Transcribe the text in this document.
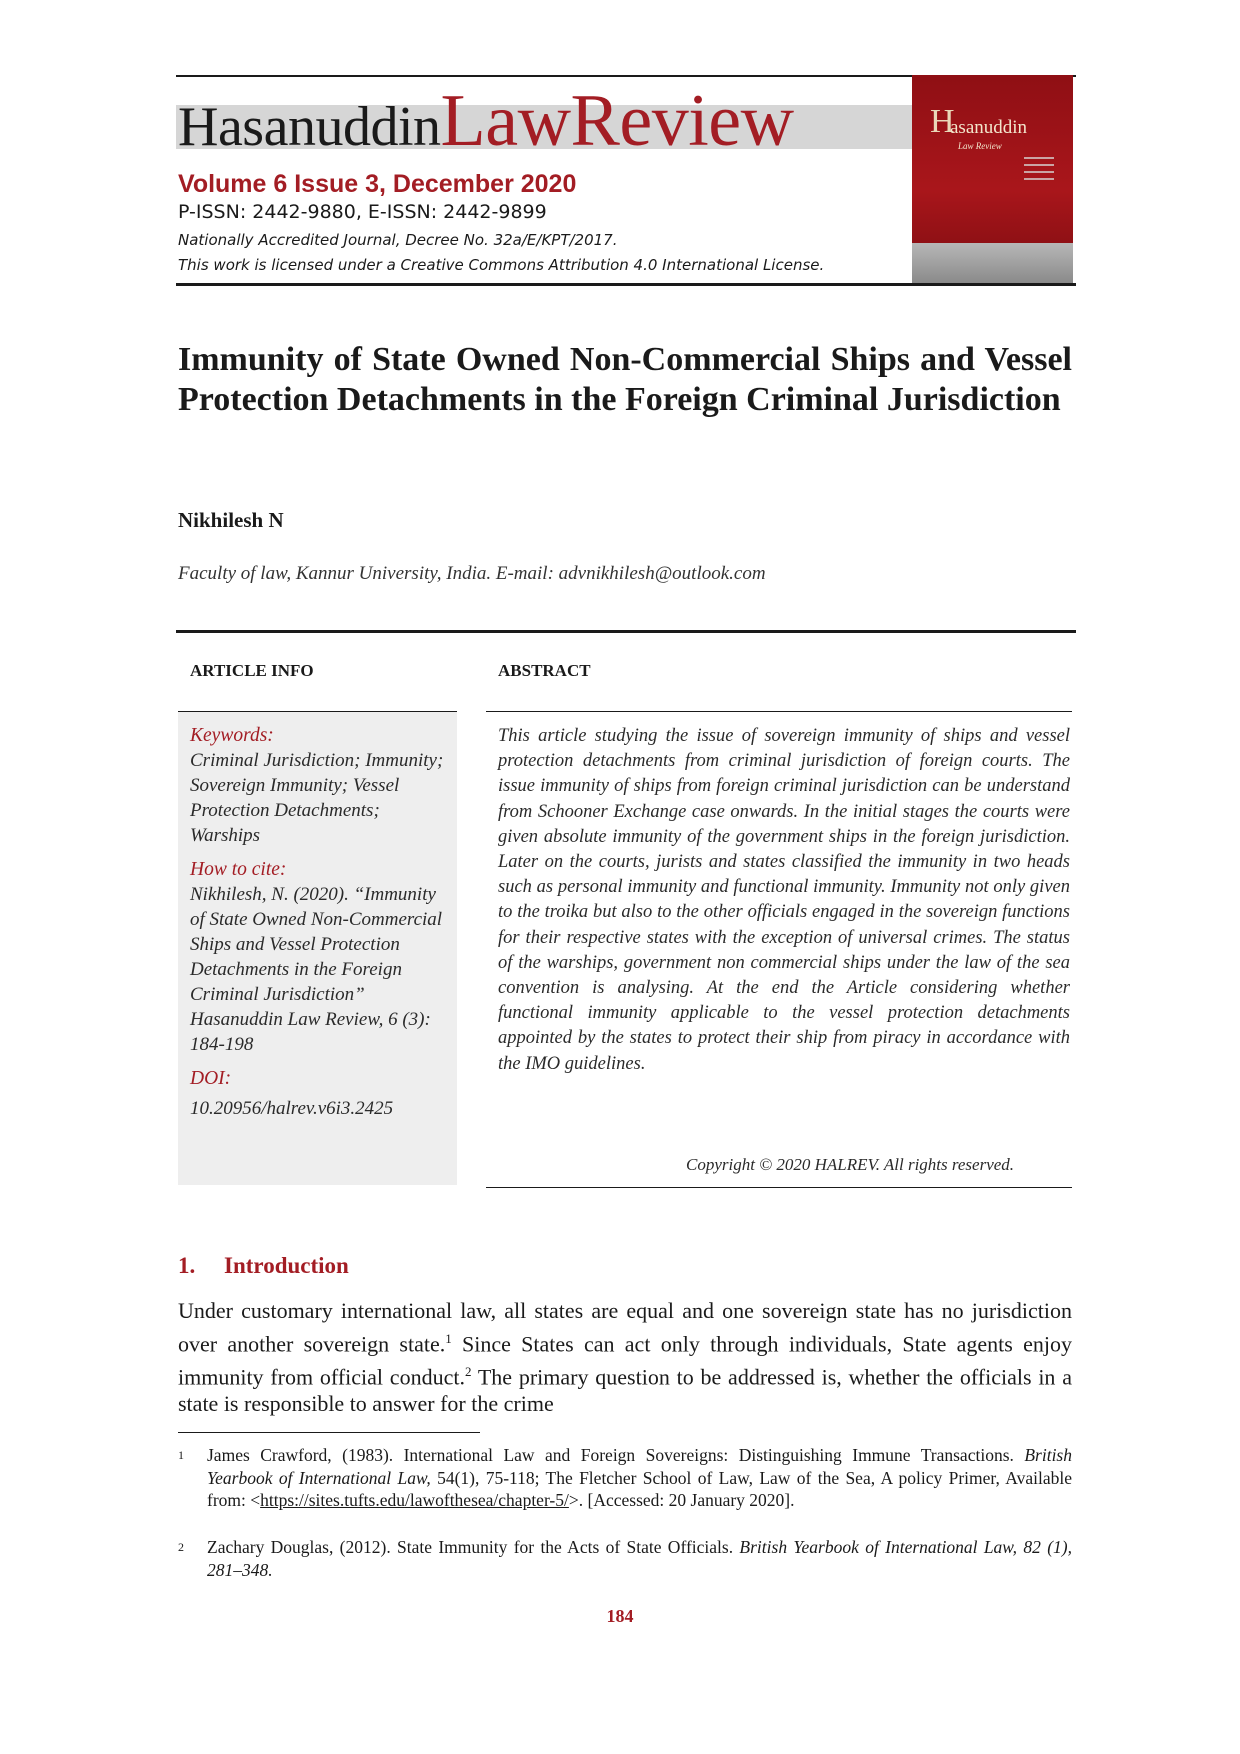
HasanuddinLawReview
Volume 6 Issue 3, December 2020
P-ISSN: 2442-9880, E-ISSN: 2442-9899
Nationally Accredited Journal, Decree No. 32a/E/KPT/2017.
This work is licensed under a Creative Commons Attribution 4.0 International License.
H
asanuddin
Law Review
Immunity of State Owned Non-Commercial Ships and Vessel Protection Detachments in the Foreign Criminal Jurisdiction
Nikhilesh N
Faculty of law, Kannur University, India. E-mail: advnikhilesh@outlook.com
ARTICLE INFO	ABSTRACT
Keywords:
Criminal Jurisdiction; Immunity; Sovereign Immunity; Vessel Protection Detachments; Warships
How to cite:
Nikhilesh, N. (2020). “Immunity of State Owned Non-Commercial Ships and Vessel Protection Detachments in the Foreign Criminal Jurisdiction” Hasanuddin Law Review, 6 (3): 184-198
DOI:
10.20956/halrev.v6i3.2425
This article studying the issue of sovereign immunity of ships and vessel protection detachments from criminal jurisdiction of foreign courts. The issue immunity of ships from foreign criminal jurisdiction can be understand from Schooner Exchange case onwards. In the initial stages the courts were given absolute immunity of the government ships in the foreign jurisdiction. Later on the courts, jurists and states classified the immunity in two heads such as personal immunity and functional immunity. Immunity not only given to the troika but also to the other officials engaged in the sovereign functions for their respective states with the exception of universal crimes. The status of the warships, government non commercial ships under the law of the sea convention is analysing. At the end the Article considering whether functional immunity applicable to the vessel protection detachments appointed by the states to protect their ship from piracy in accordance with the IMO guidelines.
Copyright © 2020 HALREV. All rights reserved.
1. Introduction
Under customary international law, all states are equal and one sovereign state has no jurisdiction over another sovereign state.$^1$ Since States can act only through individuals, State agents enjoy immunity from official conduct.$^2$ The primary question to be addressed is, whether the officials in a state is responsible to answer for the crime
1 James Crawford, (1983). International Law and Foreign Sovereigns: Distinguishing Immune Transactions. British Yearbook of International Law, 54(1), 75-118; The Fletcher School of Law, Law of the Sea, A policy Primer, Available from: <https://sites.tufts.edu/lawofthesea/chapter-5/>. [Accessed: 20 January 2020].
2 Zachary Douglas, (2012). State Immunity for the Acts of State Officials. British Yearbook of International Law, 82 (1), 281–348.
184
